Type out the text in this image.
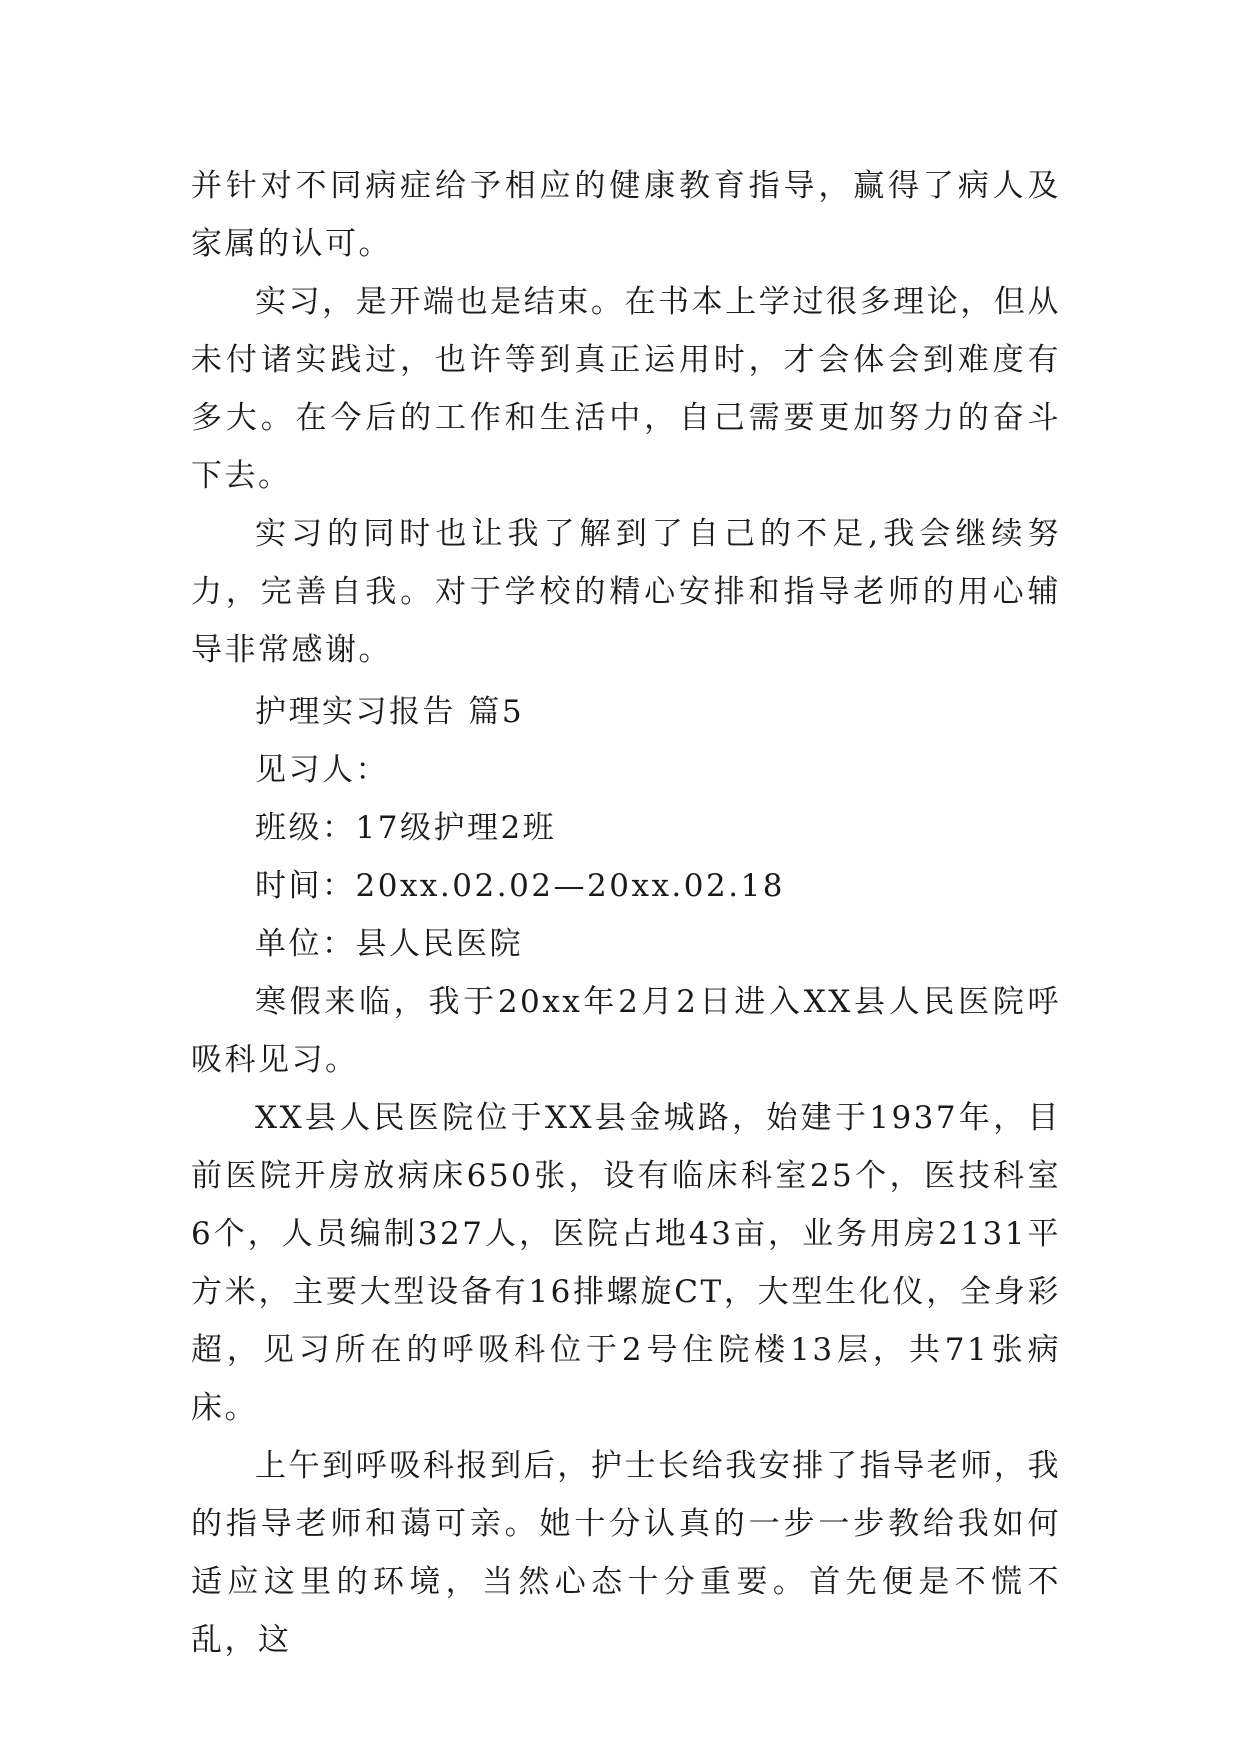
并针对不同病症给予相应的健康教育指导，赢得了病人及家属的认可。

实习，是开端也是结束。在书本上学过很多理论，但从未付诸实践过，也许等到真正运用时，才会体会到难度有多大。在今后的工作和生活中，自己需要更加努力的奋斗下去。

实习的同时也让我了解到了自己的不足,我会继续努力，完善自我。对于学校的精心安排和指导老师的用心辅导非常感谢。

护理实习报告 篇5

见习人：

班级：17级护理2班

时间：20xx.02.02—20xx.02.18

单位：县人民医院

寒假来临，我于20xx年2月2日进入XX县人民医院呼吸科见习。

XX县人民医院位于XX县金城路，始建于1937年，目前医院开房放病床650张，设有临床科室25个，医技科室6个，人员编制327人，医院占地43亩，业务用房2131平方米，主要大型设备有16排螺旋CT，大型生化仪，全身彩超，见习所在的呼吸科位于2号住院楼13层，共71张病床。

上午到呼吸科报到后，护士长给我安排了指导老师，我的指导老师和蔼可亲。她十分认真的一步一步教给我如何适应这里的环境，当然心态十分重要。首先便是不慌不乱，这
